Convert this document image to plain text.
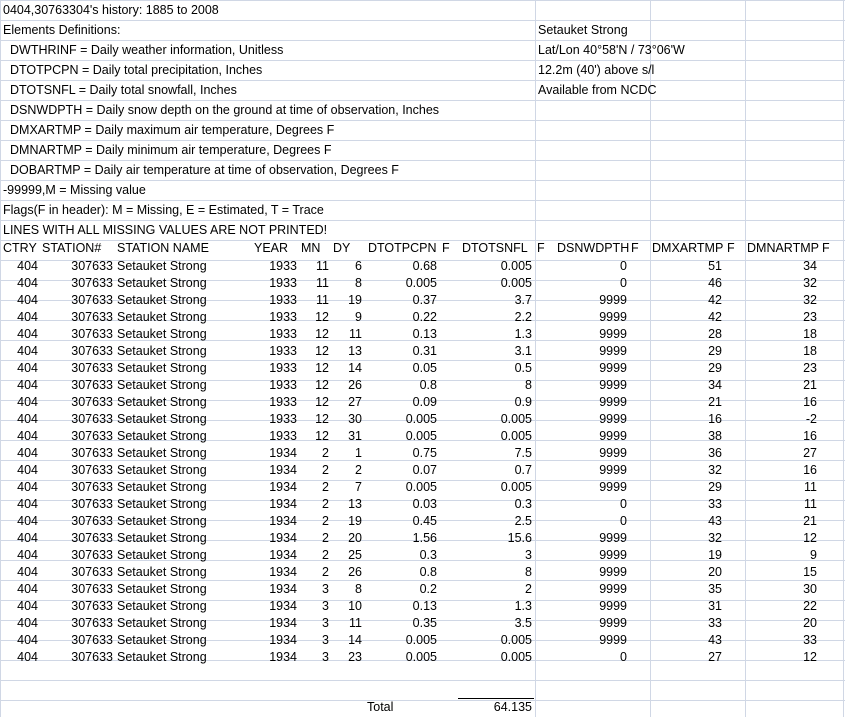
0404,30763304's history: 1885 to 2008
Elements Definitions:	Setauket Strong
DWTHRINF = Daily weather information, Unitless	Lat/Lon 40°58'N / 73°06'W
DTOTPCPN = Daily total precipitation, Inches	12.2m (40') above s/l
DTOTSNFL = Daily total snowfall, Inches	Available from NCDC
DSNWDPTH = Daily snow depth on the ground at time of observation, Inches
DMXARTMP = Daily maximum air temperature, Degrees F
DMNARTMP = Daily minimum air temperature, Degrees F
DOBARTMP = Daily air temperature at time of observation, Degrees F
-99999,M = Missing value
Flags(F in header): M = Missing, E = Estimated, T = Trace
LINES WITH ALL MISSING VALUES ARE NOT PRINTED!
CTRY STATION# STATION NAME	YEAR MN DY DTOTPCPN F DTOTSNFL F DSNWDPTH F DMXARTMP F DMNARTMP F
404	307633 Setauket Strong	1933	11	6	0.68	0.005	0	51	34
404	307633 Setauket Strong	1933	11	8	0.005	0.005	0	46	32
404	307633 Setauket Strong	1933	11	19	0.37	3.7	9999	42	32
404	307633 Setauket Strong	1933	12	9	0.22	2.2	9999	42	23
404	307633 Setauket Strong	1933	12	11	0.13	1.3	9999	28	18
404	307633 Setauket Strong	1933	12	13	0.31	3.1	9999	29	18
404	307633 Setauket Strong	1933	12	14	0.05	0.5	9999	29	23
404	307633 Setauket Strong	1933	12	26	0.8	8	9999	34	21
404	307633 Setauket Strong	1933	12	27	0.09	0.9	9999	21	16
404	307633 Setauket Strong	1933	12	30	0.005	0.005	9999	16	-2
404	307633 Setauket Strong	1933	12	31	0.005	0.005	9999	38	16
404	307633 Setauket Strong	1934	2	1	0.75	7.5	9999	36	27
404	307633 Setauket Strong	1934	2	2	0.07	0.7	9999	32	16
404	307633 Setauket Strong	1934	2	7	0.005	0.005	9999	29	11
404	307633 Setauket Strong	1934	2	13	0.03	0.3	0	33	11
404	307633 Setauket Strong	1934	2	19	0.45	2.5	0	43	21
404	307633 Setauket Strong	1934	2	20	1.56	15.6	9999	32	12
404	307633 Setauket Strong	1934	2	25	0.3	3	9999	19	9
404	307633 Setauket Strong	1934	2	26	0.8	8	9999	20	15
404	307633 Setauket Strong	1934	3	8	0.2	2	9999	35	30
404	307633 Setauket Strong	1934	3	10	0.13	1.3	9999	31	22
404	307633 Setauket Strong	1934	3	11	0.35	3.5	9999	33	20
404	307633 Setauket Strong	1934	3	14	0.005	0.005	9999	43	33
404	307633 Setauket Strong	1934	3	23	0.005	0.005	0	27	12
Total	64.135
